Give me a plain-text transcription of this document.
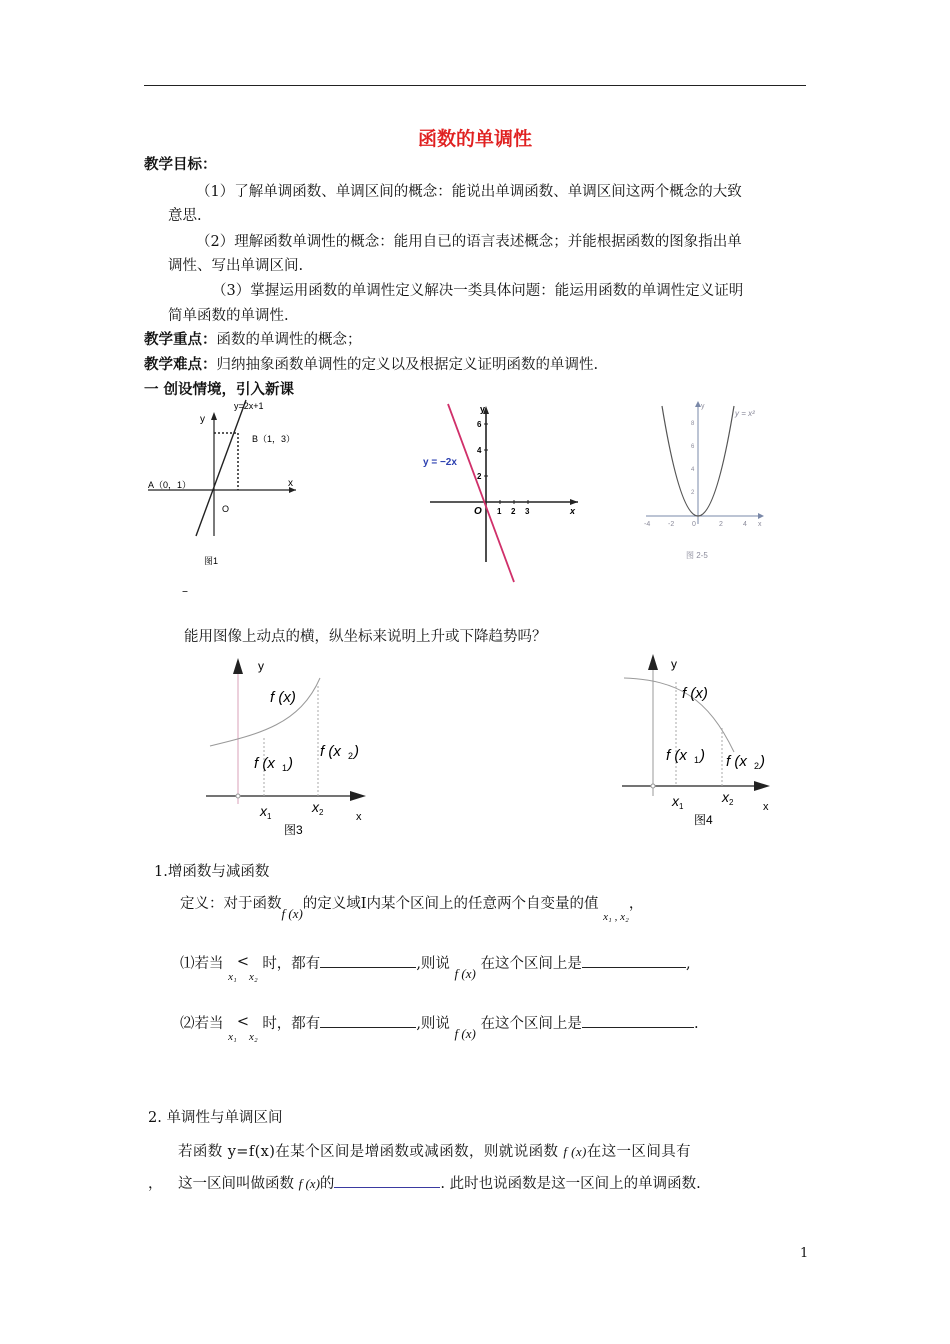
函数的单调性
教学目标：
（1）了解单调函数、单调区间的概念：能说出单调函数、单调区间这两个概念的大致
意思.
（2）理解函数单调性的概念：能用自已的语言表述概念；并能根据函数的图象指出单
调性、写出单调区间.
（3）掌握运用函数的单调性定义解决一类具体问题：能运用函数的单调性定义证明
简单函数的单调性.
教学重点：函数的单调性的概念；
教学难点：归纳抽象函数单调性的定义以及根据定义证明函数的单调性.
一 创设情境，引入新课
y=2x+1
B（1，3）
A（0，1）
y
x
O
图1
y = −2x
y
x
O
6
4
2
1 2 3
y = x²
y
x
-4	-2	0	2	4
8
6
4
2
图 2-5
–
能用图像上动点的横，纵坐标来说明上升或下降趋势吗？
y
x
f (x)
f (x 1 )
f (x 2 )
x 1
x 2
图3
y
x
f (x)
f (x 1 ) f (x 2 )
x 1
x 2
图4
1.增函数与减函数
定义：对于函数f (x)的定义域Ⅰ内某个区间上的任意两个自变量的值 $_{x_1 , x_2}$，
⑴若当 $_{x_1}<_{x_2}$ 时，都有	,则说 f (x) 在这个区间上是	,
⑵若当 $_{x_1}<_{x_2}$ 时，都有	,则说 f (x) 在这个区间上是	.
2. 单调性与单调区间
若函数 y=f(x)在某个区间是增函数或减函数，则就说函数 f (x)在这一区间具有
， 这一区间叫做函数 f (x)的	. 此时也说函数是这一区间上的单调函数.
1
